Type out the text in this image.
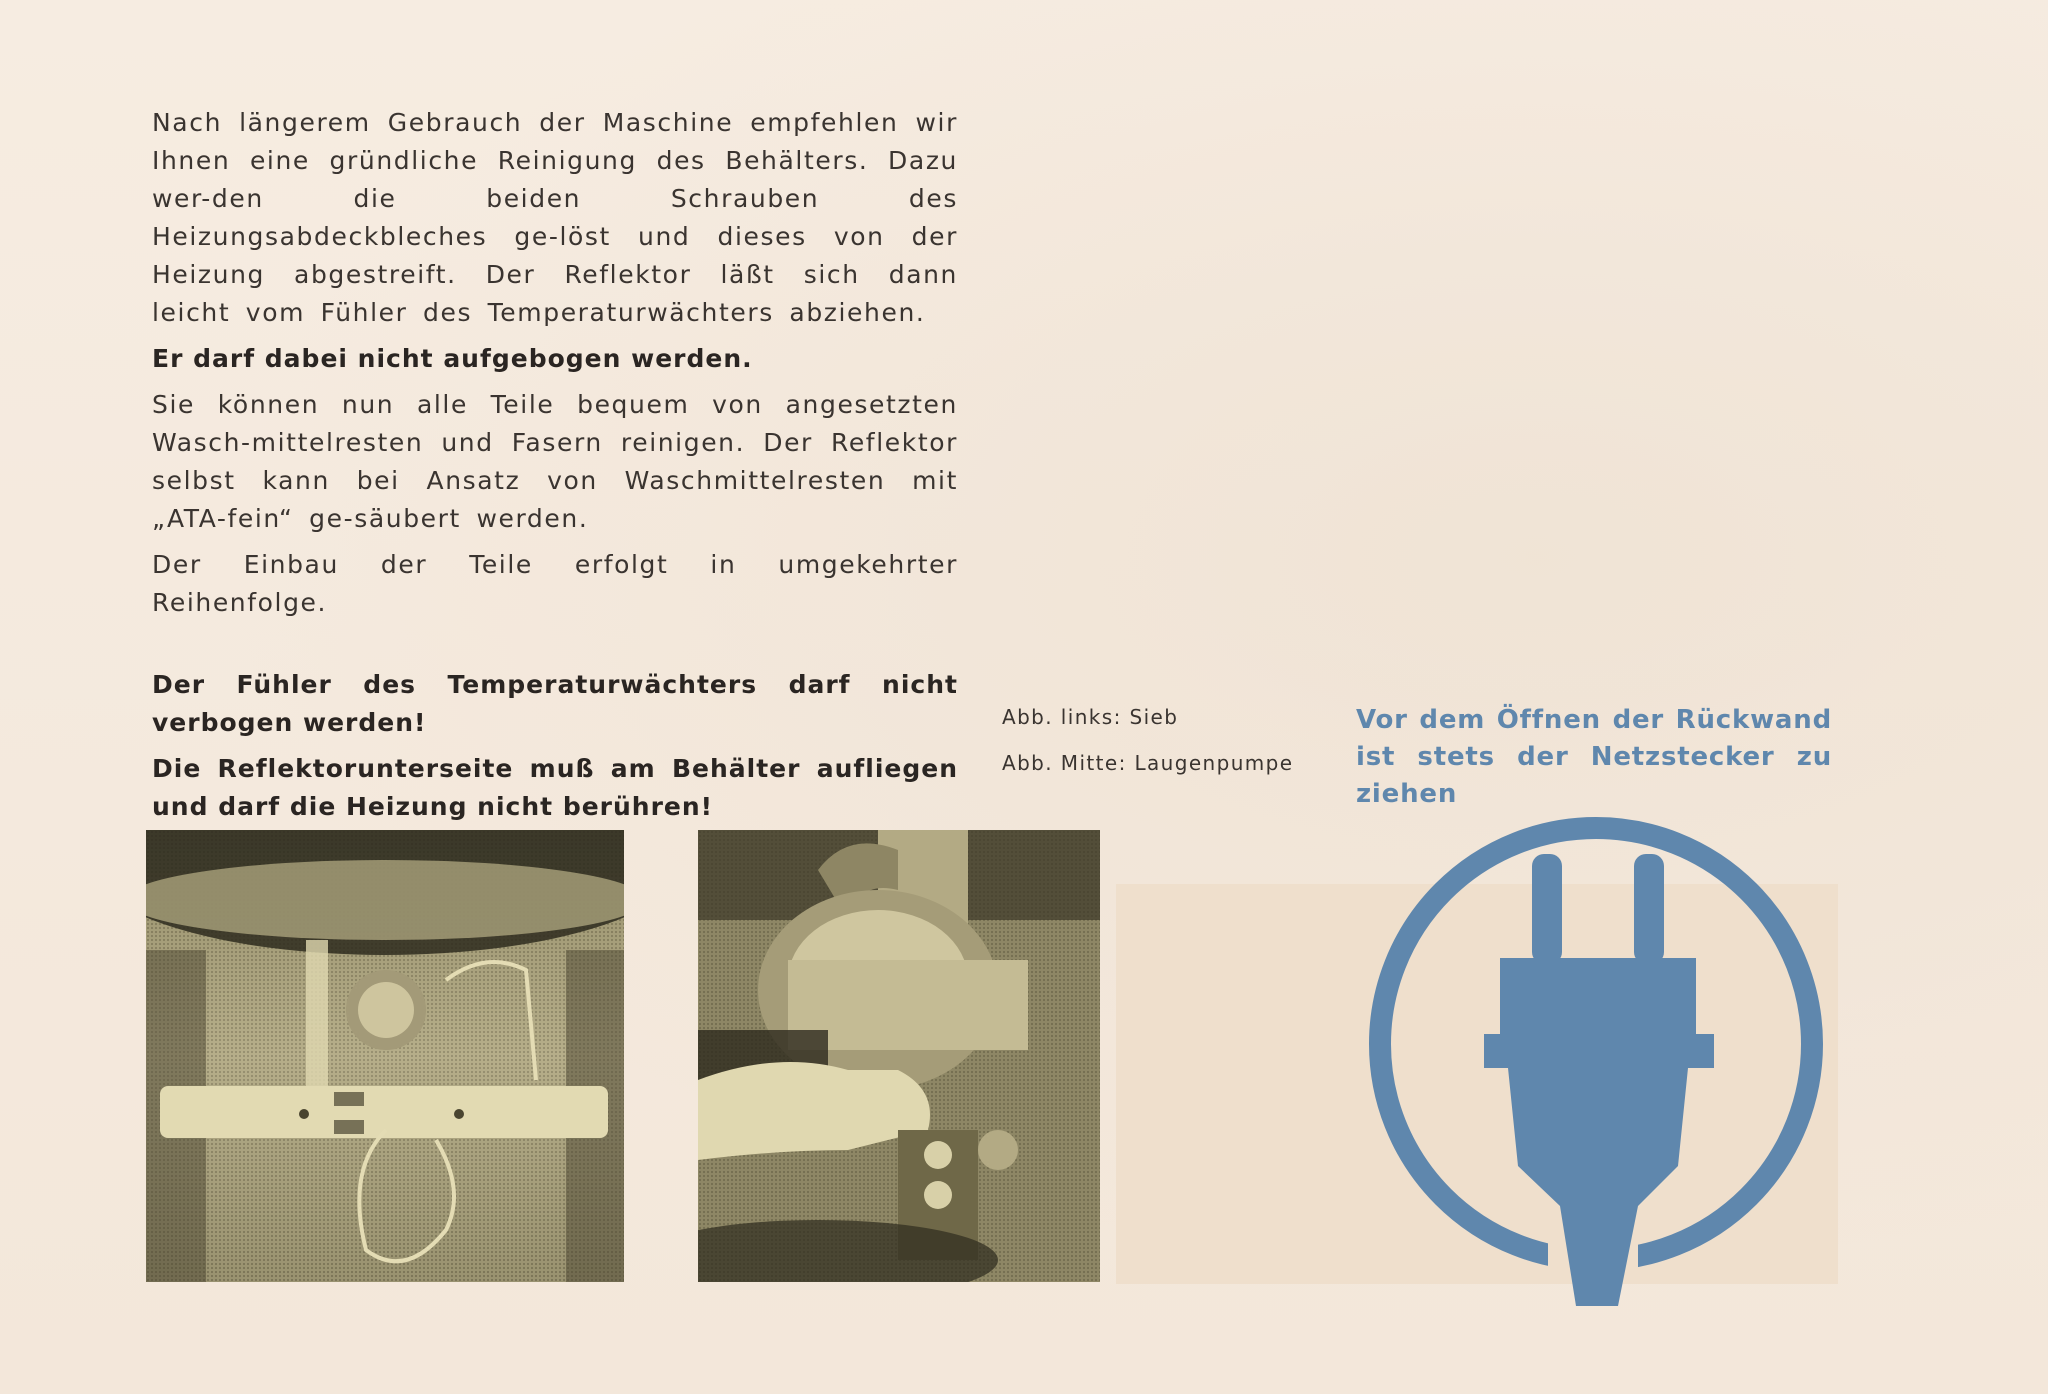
Nach längerem Gebrauch der Maschine empfehlen wir Ihnen eine gründliche Reinigung des Behälters. Dazu wer-den die beiden Schrauben des Heizungsabdeckbleches ge-löst und dieses von der Heizung abgestreift. Der Reflektor läßt sich dann leicht vom Fühler des Temperaturwächters abziehen.

Er darf dabei nicht aufgebogen werden.

Sie können nun alle Teile bequem von angesetzten Wasch-mittelresten und Fasern reinigen. Der Reflektor selbst kann bei Ansatz von Waschmittelresten mit „ATA-fein“ ge-säubert werden.

Der Einbau der Teile erfolgt in umgekehrter Reihenfolge.

Der Fühler des Temperaturwächters darf nicht verbogen werden!

Die Reflektorunterseite muß am Behälter aufliegen und darf die Heizung nicht berühren!

Abb. links: Sieb
Abb. Mitte: Laugenpumpe
Vor dem Öffnen der Rückwand
ist stets der Netzstecker zu ziehen
